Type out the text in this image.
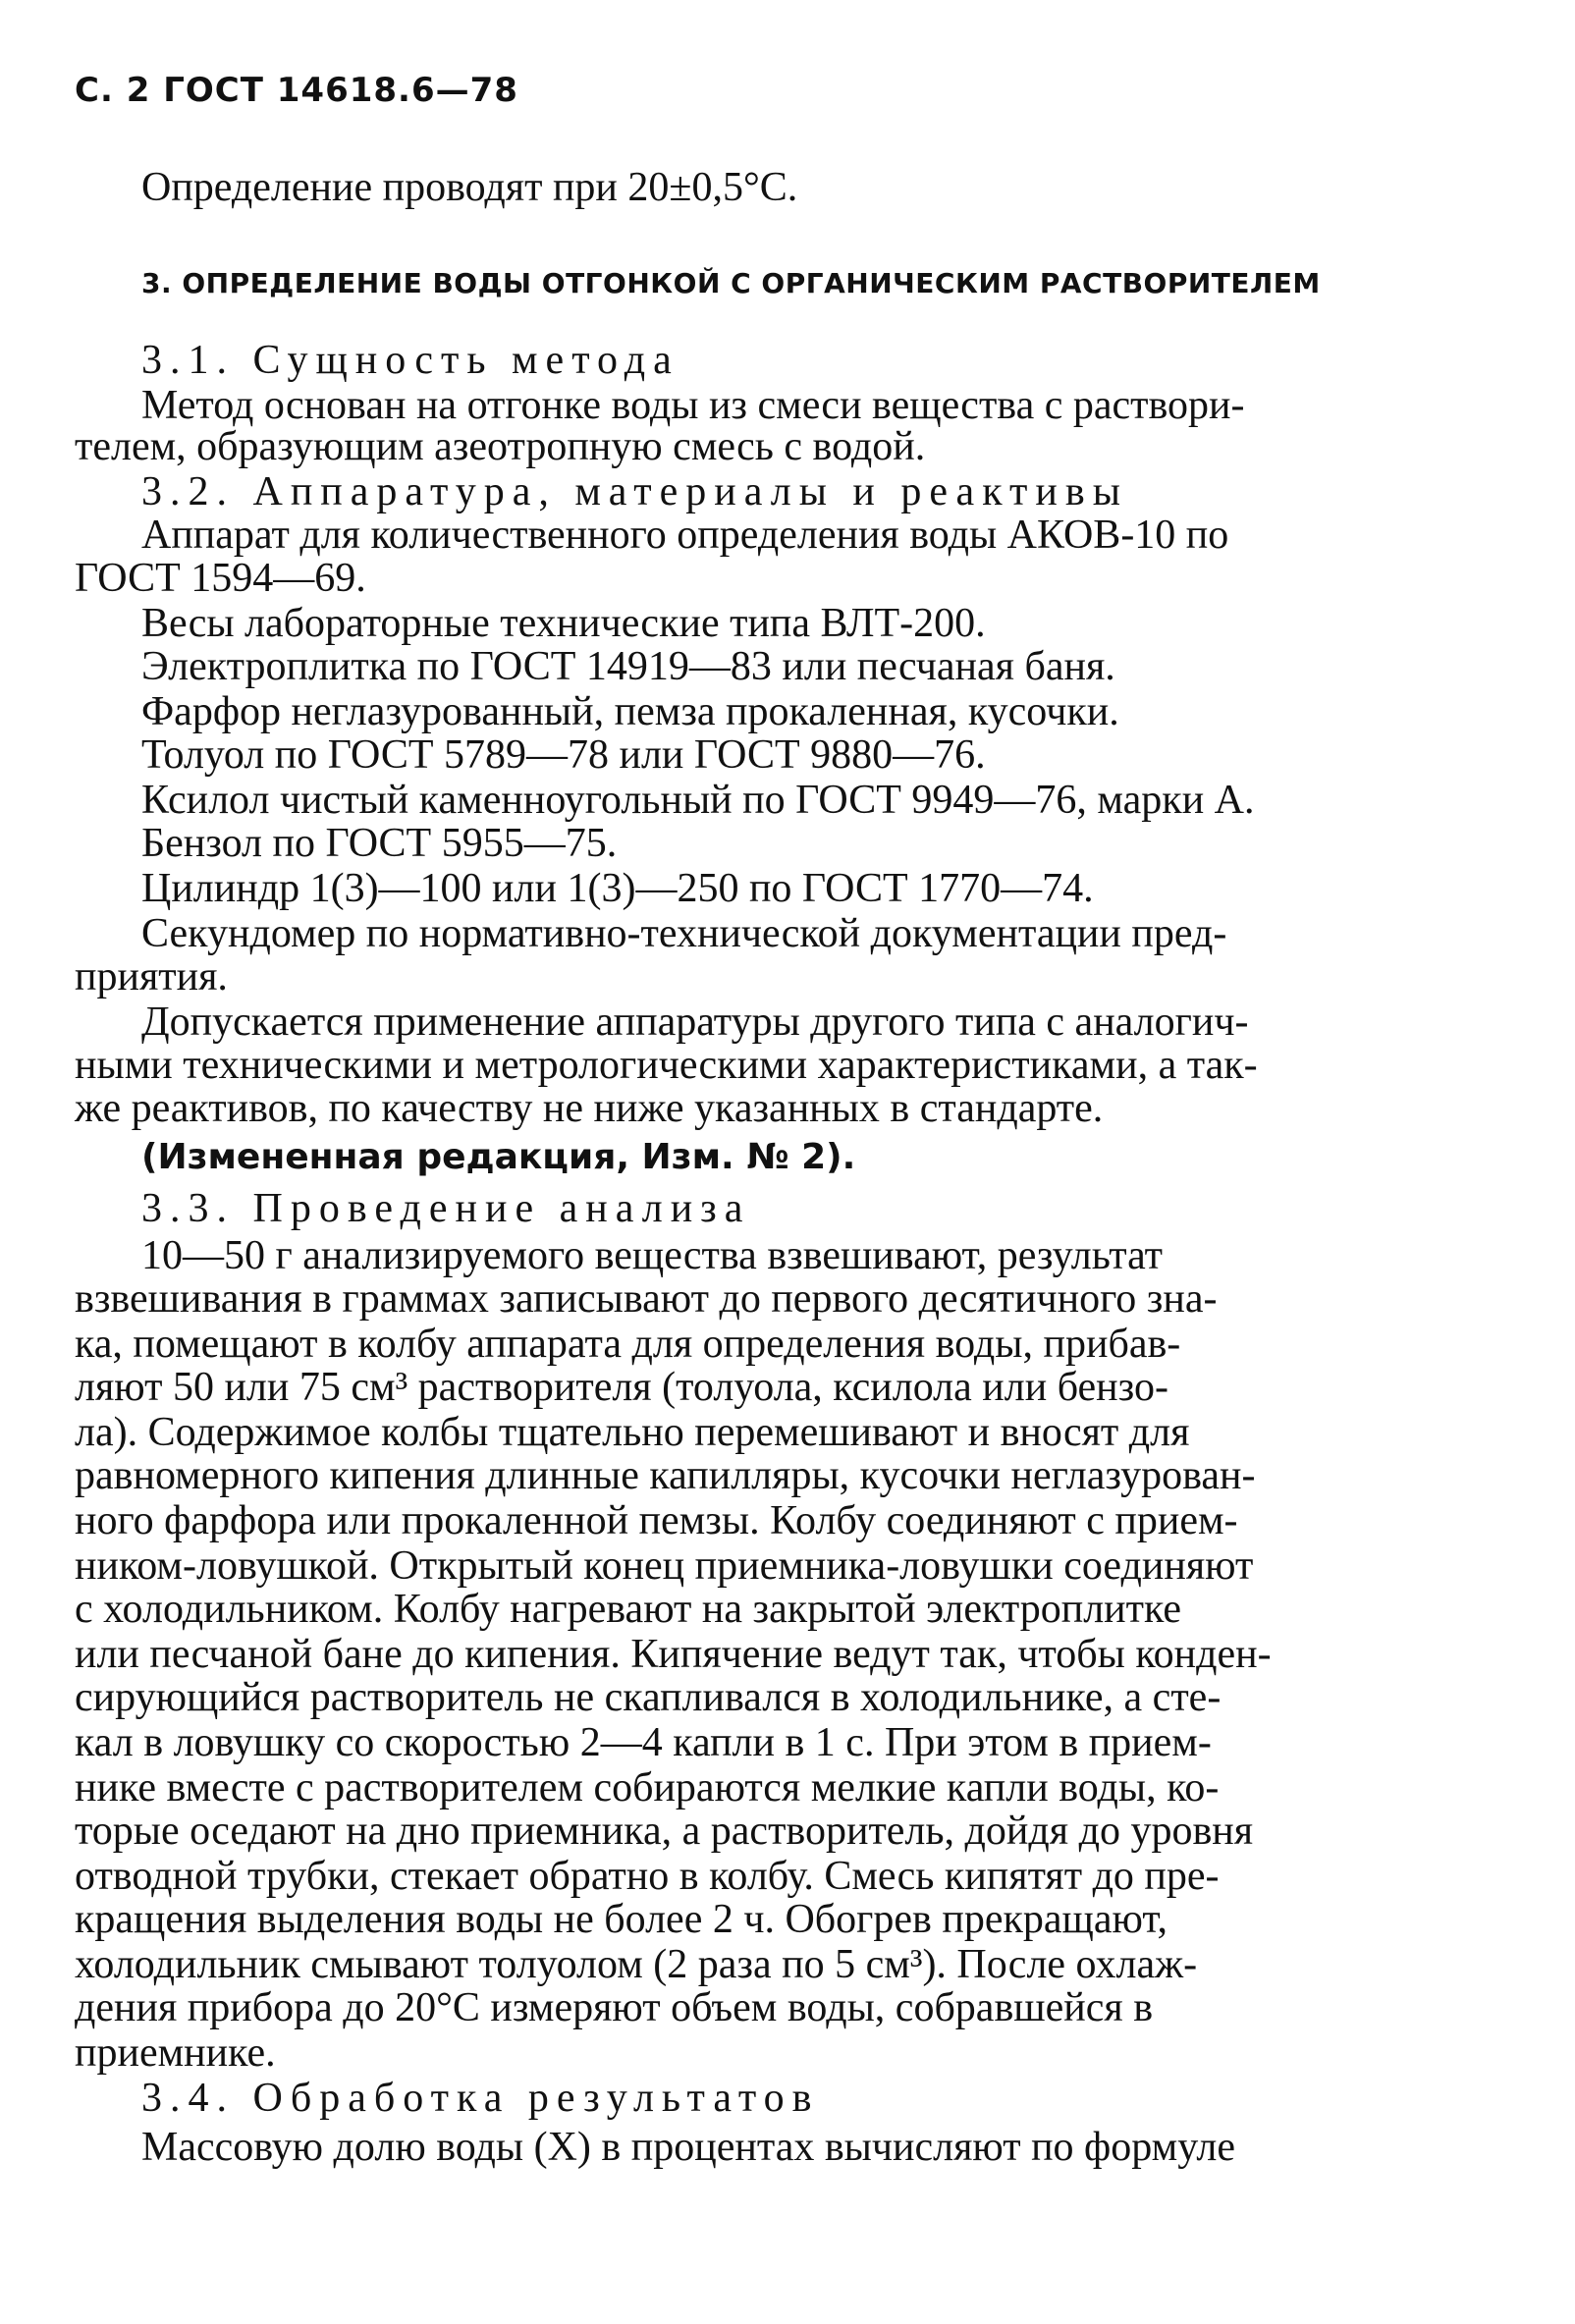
С. 2 ГОСТ 14618.6—78
Определение проводят при 20±0,5°С.
3. ОПРЕДЕЛЕНИЕ ВОДЫ ОТГОНКОЙ С ОРГАНИЧЕСКИМ РАСТВОРИТЕЛЕМ
3.1. Сущность метода
Метод основан на отгонке воды из смеси вещества с раствори-
телем, образующим азеотропную смесь с водой.
3.2. Аппаратура, материалы и реактивы
Аппарат для количественного определения воды АКОВ-10 по
ГОСТ 1594—69.
Весы лабораторные технические типа ВЛТ-200.
Электроплитка по ГОСТ 14919—83 или песчаная баня.
Фарфор неглазурованный, пемза прокаленная, кусочки.
Толуол по ГОСТ 5789—78 или ГОСТ 9880—76.
Ксилол чистый каменноугольный по ГОСТ 9949—76, марки А.
Бензол по ГОСТ 5955—75.
Цилиндр 1(3)—100 или 1(3)—250 по ГОСТ 1770—74.
Секундомер по нормативно-технической документации пред-
приятия.
Допускается применение аппаратуры другого типа с аналогич-
ными техническими и метрологическими характеристиками, а так-
же реактивов, по качеству не ниже указанных в стандарте.
(Измененная редакция, Изм. № 2).
3.3. Проведение анализа
10—50 г анализируемого вещества взвешивают, результат
взвешивания в граммах записывают до первого десятичного зна-
ка, помещают в колбу аппарата для определения воды, прибав-
ляют 50 или 75 см³ растворителя (толуола, ксилола или бензо-
ла). Содержимое колбы тщательно перемешивают и вносят для
равномерного кипения длинные капилляры, кусочки неглазурован-
ного фарфора или прокаленной пемзы. Колбу соединяют с прием-
ником-ловушкой. Открытый конец приемника-ловушки соединяют
с холодильником. Колбу нагревают на закрытой электроплитке
или песчаной бане до кипения. Кипячение ведут так, чтобы конден-
сирующийся растворитель не скапливался в холодильнике, а сте-
кал в ловушку со скоростью 2—4 капли в 1 с. При этом в прием-
нике вместе с растворителем собираются мелкие капли воды, ко-
торые оседают на дно приемника, а растворитель, дойдя до уровня
отводной трубки, стекает обратно в колбу. Смесь кипятят до пре-
кращения выделения воды не более 2 ч. Обогрев прекращают,
холодильник смывают толуолом (2 раза по 5 см³). После охлаж-
дения прибора до 20°С измеряют объем воды, собравшейся в
приемнике.
3.4. Обработка результатов
Массовую долю воды (X) в процентах вычисляют по формуле
